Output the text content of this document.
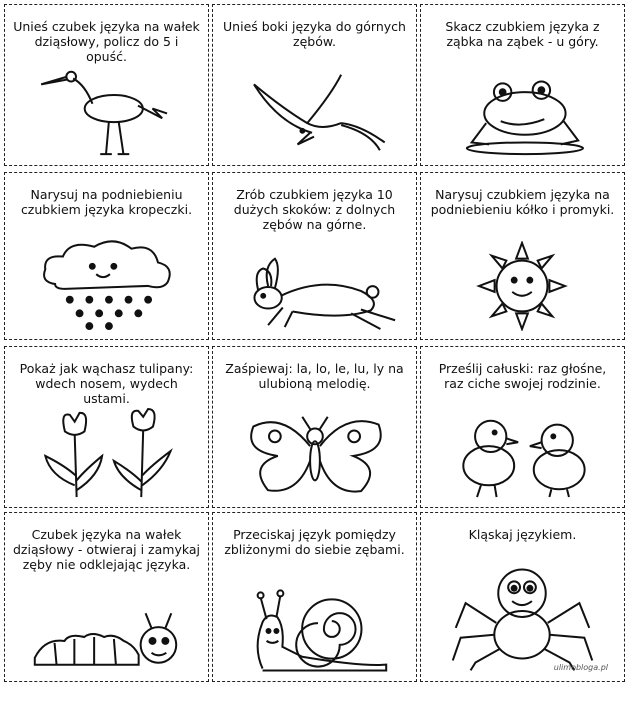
Unieś czubek języka na wałek dziąsłowy, policz do 5 i opuść.
Unieś boki języka do górnych zębów.
Skacz czubkiem języka z ząbka na ząbek - u góry.
Narysuj na podniebieniu czubkiem języka kropeczki.
Zrób czubkiem języka 10 dużych skoków: z dolnych zębów na górne.
Narysuj czubkiem języka na podniebieniu kółko i promyki.
Pokaż jak wąchasz tulipany: wdech nosem, wydech ustami.
Zaśpiewaj: la, lo, le, lu, ly na ulubioną melodię.
Prześlij całuski: raz głośne, raz ciche swojej rodzinie.
Czubek języka na wałek dziąsłowy - otwieraj i zamykaj zęby nie odklejając języka.
Przeciskaj język pomiędzy zbliżonymi do siebie zębami.
Kląskaj językiem.
ulimobloga.pl
